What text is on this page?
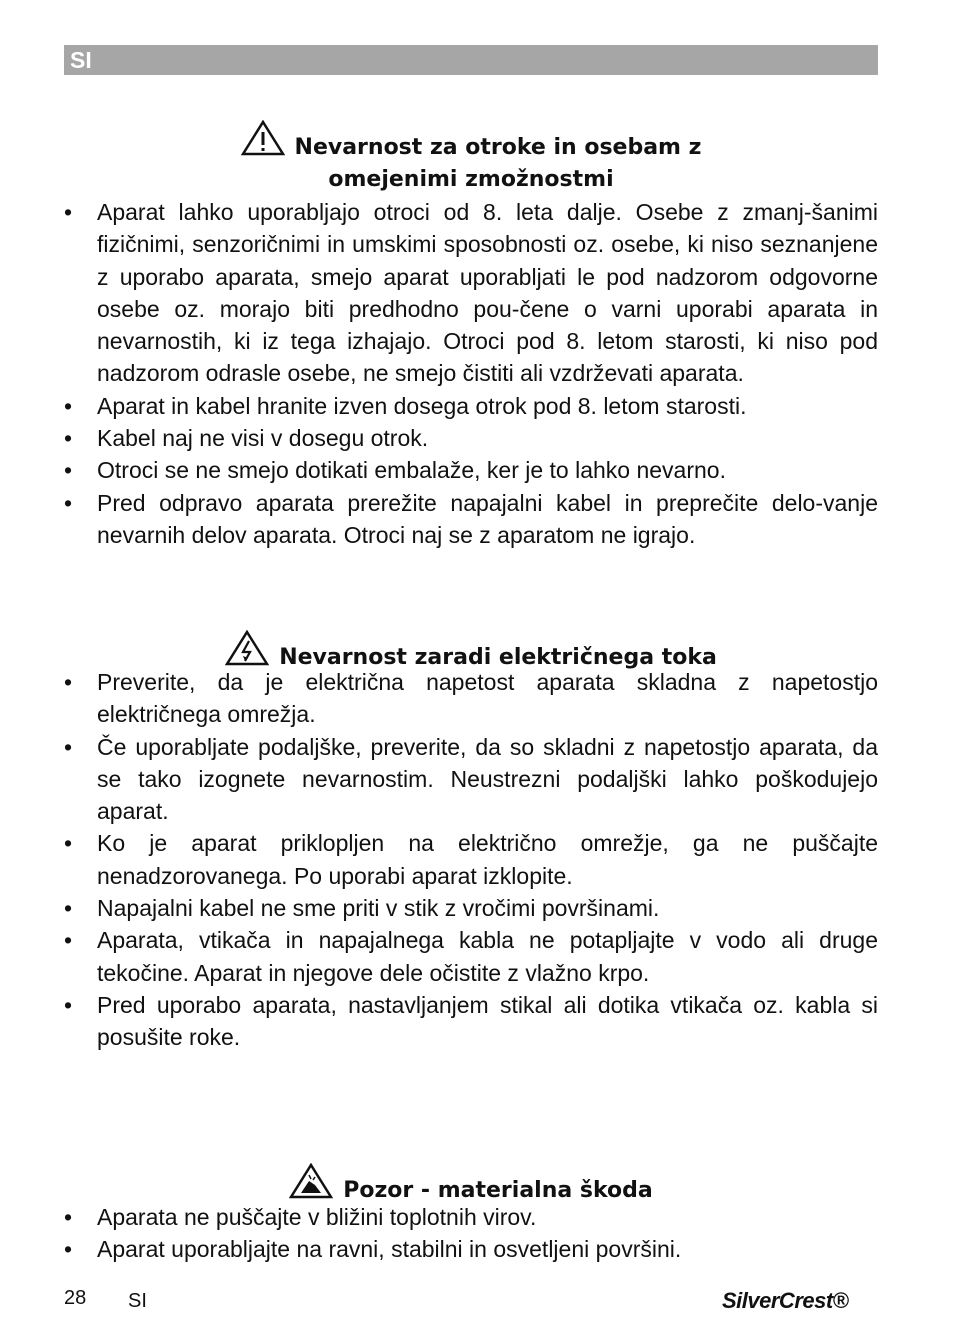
SI
Nevarnost za otroke in osebam z
omejenimi zmožnostmi
• Aparat lahko uporabljajo otroci od 8. leta dalje. Osebe z zmanj-šanimi fizičnimi, senzoričnimi in umskimi sposobnosti oz. osebe, ki niso seznanjene z uporabo aparata, smejo aparat uporabljati le pod nadzorom odgovorne osebe oz. morajo biti predhodno pou-čene o varni uporabi aparata in nevarnostih, ki iz tega izhajajo. Otroci pod 8. letom starosti, ki niso pod nadzorom odrasle osebe, ne smejo čistiti ali vzdrževati aparata.
• Aparat in kabel hranite izven dosega otrok pod 8. letom starosti.
• Kabel naj ne visi v dosegu otrok.
• Otroci se ne smejo dotikati embalaže, ker je to lahko nevarno.
• Pred odpravo aparata prerežite napajalni kabel in preprečite delo-vanje nevarnih delov aparata. Otroci naj se z aparatom ne igrajo.
Nevarnost zaradi električnega toka
• Preverite, da je električna napetost aparata skladna z napetostjo električnega omrežja.
• Če uporabljate podaljške, preverite, da so skladni z napetostjo aparata, da se tako izognete nevarnostim. Neustrezni podaljški lahko poškodujejo aparat.
• Ko je aparat priklopljen na električno omrežje, ga ne puščajte nenadzorovanega. Po uporabi aparat izklopite.
• Napajalni kabel ne sme priti v stik z vročimi površinami.
• Aparata, vtikača in napajalnega kabla ne potapljajte v vodo ali druge tekočine. Aparat in njegove dele očistite z vlažno krpo.
• Pred uporabo aparata, nastavljanjem stikal ali dotika vtikača oz. kabla si posušite roke.
Pozor - materialna škoda
• Aparata ne puščajte v bližini toplotnih virov.
• Aparat uporabljajte na ravni, stabilni in osvetljeni površini.
28 SI	SilverCrest®
